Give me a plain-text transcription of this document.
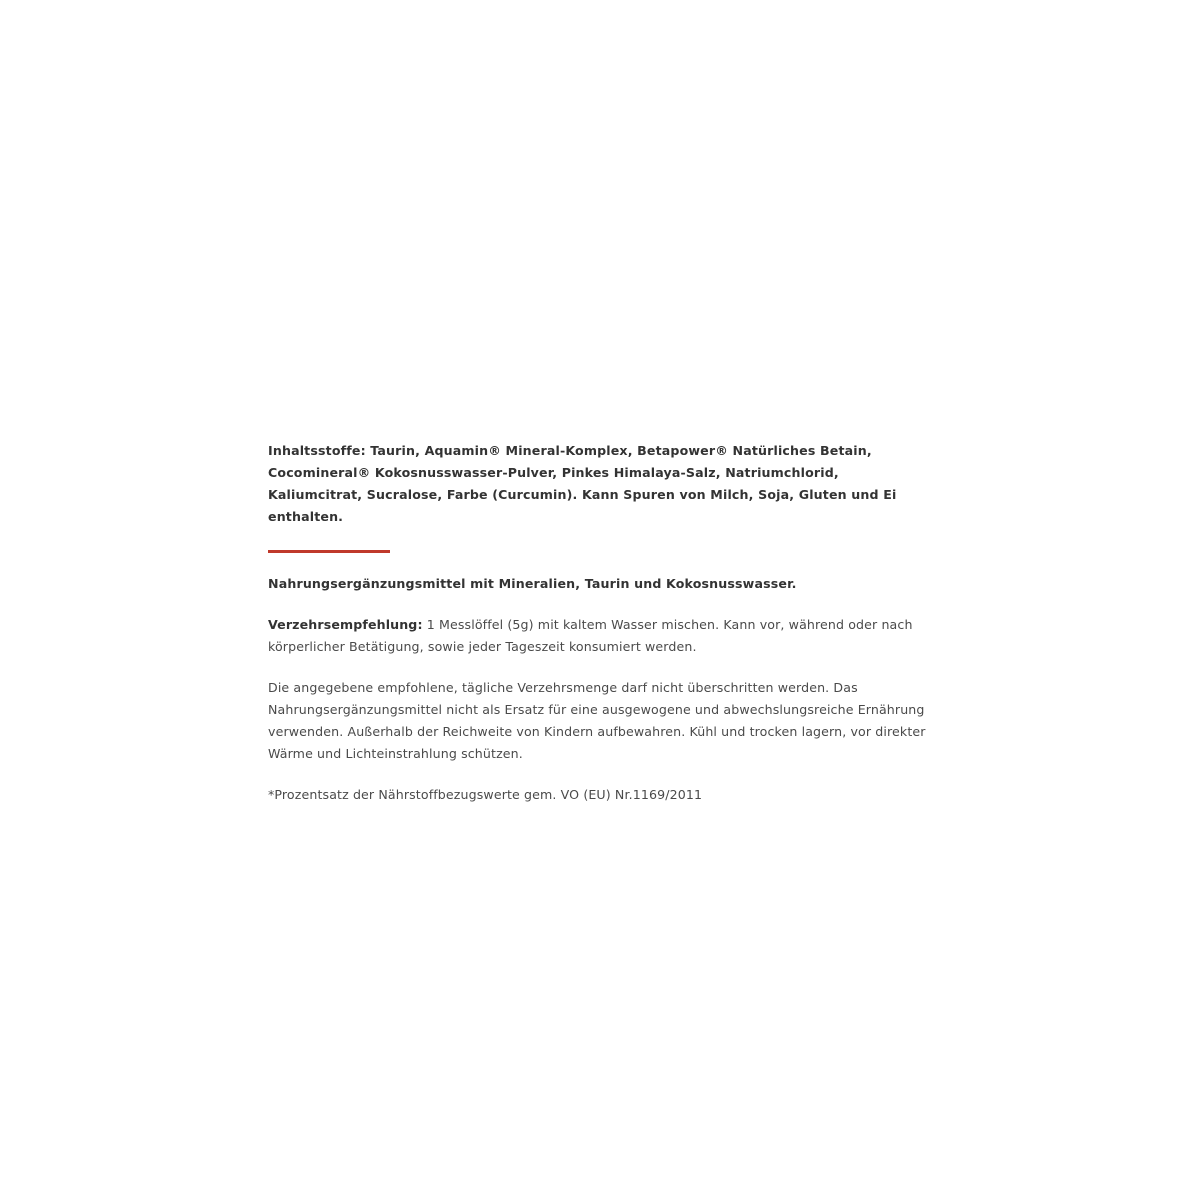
Inhaltsstoffe: Taurin, Aquamin® Mineral-Komplex, Betapower® Natürliches Betain, Cocomineral® Kokosnusswasser-Pulver, Pinkes Himalaya-Salz, Natriumchlorid, Kaliumcitrat, Sucralose, Farbe (Curcumin). Kann Spuren von Milch, Soja, Gluten und Ei enthalten.

Nahrungsergänzungsmittel mit Mineralien, Taurin und Kokosnusswasser.

Verzehrsempfehlung: 1 Messlöffel (5g) mit kaltem Wasser mischen. Kann vor, während oder nach körperlicher Betätigung, sowie jeder Tageszeit konsumiert werden.

Die angegebene empfohlene, tägliche Verzehrsmenge darf nicht überschritten werden. Das Nahrungsergänzungsmittel nicht als Ersatz für eine ausgewogene und abwechslungsreiche Ernährung verwenden. Außerhalb der Reichweite von Kindern aufbewahren. Kühl und trocken lagern, vor direkter Wärme und Lichteinstrahlung schützen.

*Prozentsatz der Nährstoffbezugswerte gem. VO (EU) Nr.1169/2011
